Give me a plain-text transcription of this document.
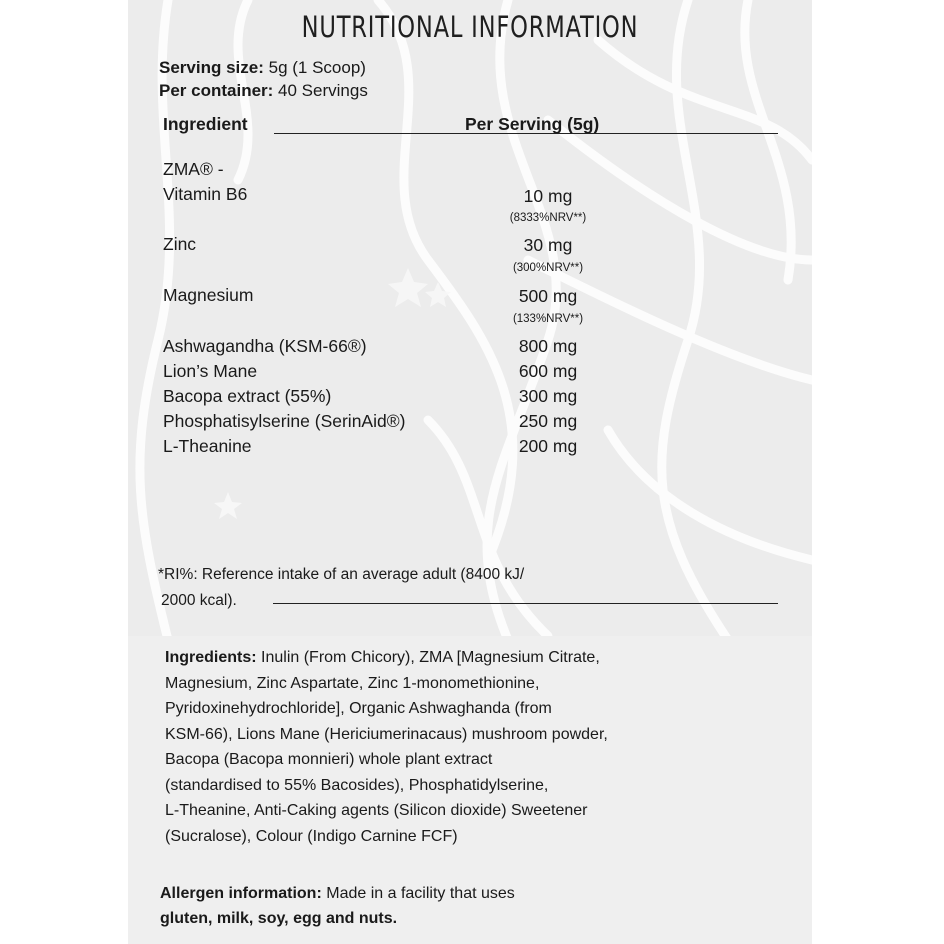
NUTRITIONAL INFORMATION
Serving size: 5g (1 Scoop)
Per container: 40 Servings
Ingredient	Per Serving (5g)
ZMA® -
Vitamin B6	10 mg
(8333%NRV**)
Zinc	30 mg
(300%NRV**)
Magnesium	500 mg
(133%NRV**)
Ashwagandha (KSM-66®)	800 mg
Lion’s Mane	600 mg
Bacopa extract (55%)	300 mg
Phosphatisylserine (SerinAid®)	250 mg
L-Theanine	200 mg
*RI%: Reference intake of an average adult (8400 kJ/
2000 kcal).

Ingredients: Inulin (From Chicory), ZMA [Magnesium Citrate,

Magnesium, Zinc Aspartate, Zinc 1-monomethionine,

Pyridoxinehydrochloride], Organic Ashwaghanda (from

KSM-66), Lions Mane (Hericiumerinacaus) mushroom powder,

Bacopa (Bacopa monnieri) whole plant extract

(standardised to 55% Bacosides), Phosphatidylserine,

L-Theanine, Anti-Caking agents (Silicon dioxide) Sweetener

(Sucralose), Colour (Indigo Carnine FCF)

Allergen information: Made in a facility that uses
gluten, milk, soy, egg and nuts.
